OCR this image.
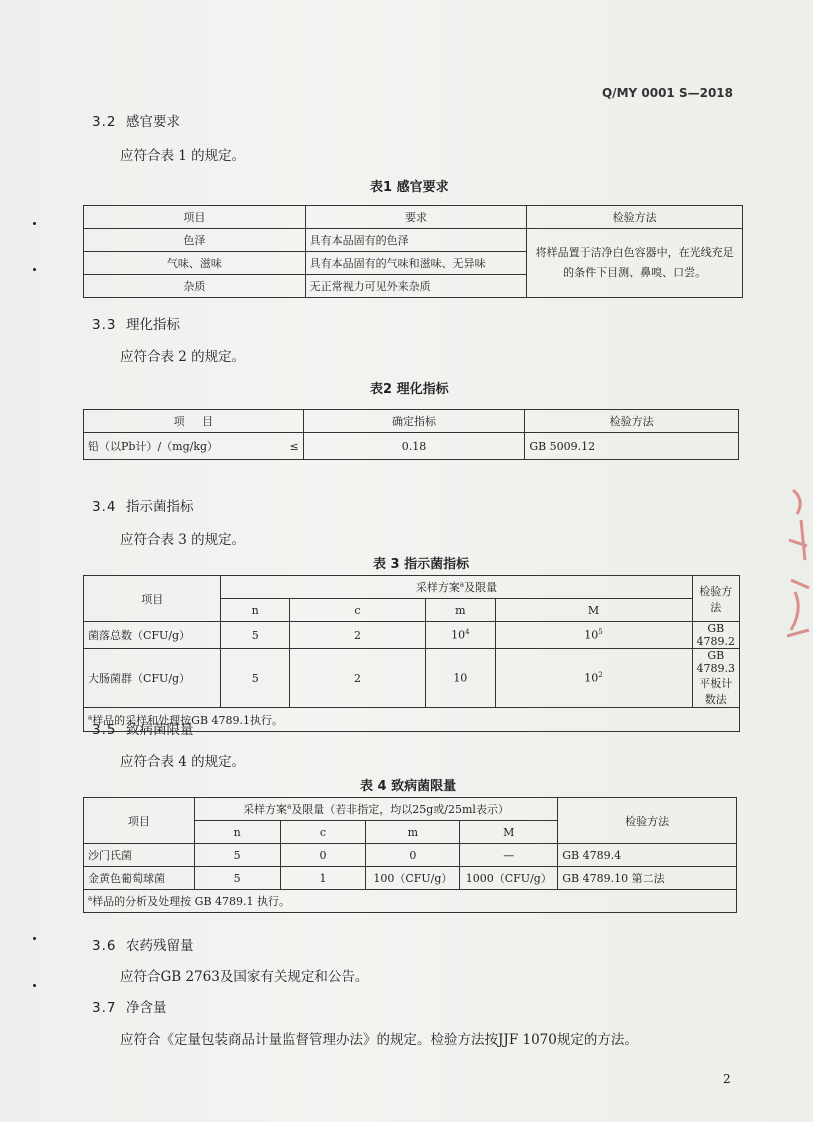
Q/MY 0001 S—2018
3.2 感官要求
应符合表 1 的规定。
表1 感官要求
项目	要求	检验方法
色泽	具有本品固有的色泽	将样品置于洁净白色容器中，在光线充足的条件下目测、鼻嗅、口尝。
气味、滋味	具有本品固有的气味和滋味、无异味	
杂质	无正常视力可见外来杂质	
3.3 理化指标
应符合表 2 的规定。
表2 理化指标
项     目		确定指标	检验方法
铅（以Pb计）/（mg/kg）	≤	0.18	GB 5009.12
3.4 指示菌指标
应符合表 3 的规定。
表 3 指示菌指标
项目	采样方案$^a$及限量				检验方法
	n	c	m	M	
菌落总数（CFU/g）	5	2	$10^4$	$10^5$	GB 4789.2
大肠菌群（CFU/g）	5	2	10	$10^2$	GB 4789.3平板计数法
$^a$样品的采样和处理按GB 4789.1执行。					
3.5 致病菌限量
应符合表 4 的规定。
表 4 致病菌限量
项目	采样方案$^a$及限量（若非指定，均以25g或/25ml表示）				检验方法
	n	c	m	M	
沙门氏菌	5	0	0	—	GB 4789.4
金黄色葡萄球菌	5	1	100（CFU/g）	1000（CFU/g）	GB 4789.10 第二法
$^a$样品的分析及处理按 GB 4789.1 执行。					
3.6 农药残留量
应符合GB 2763及国家有关规定和公告。
3.7 净含量
应符合《定量包装商品计量监督管理办法》的规定。检验方法按JJF 1070规定的方法。
2
